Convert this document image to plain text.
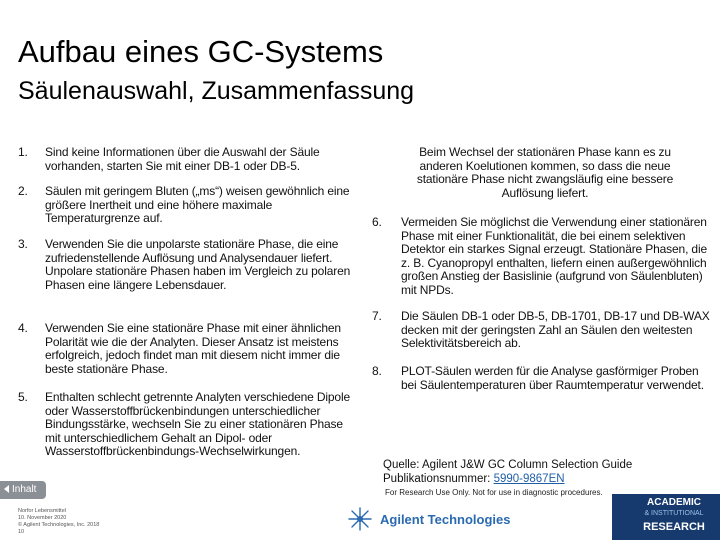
Aufbau eines GC-Systems
Säulenauswahl, Zusammenfassung
1. Sind keine Informationen über die Auswahl der Säule vorhanden, starten Sie mit einer DB-1 oder DB-5.
2. Säulen mit geringem Bluten („ms“) weisen gewöhnlich eine größere Inertheit und eine höhere maximale Temperaturgrenze auf.
3. Verwenden Sie die unpolarste stationäre Phase, die eine zufriedenstellende Auflösung und Analysendauer liefert. Unpolare stationäre Phasen haben im Vergleich zu polaren Phasen eine längere Lebensdauer.
4. Verwenden Sie eine stationäre Phase mit einer ähnlichen Polarität wie die der Analyten. Dieser Ansatz ist meistens erfolgreich, jedoch findet man mit diesem nicht immer die beste stationäre Phase.
5. Enthalten schlecht getrennte Analyten verschiedene Dipole oder Wasserstoffbrückenbindungen unterschiedlicher Bindungsstärke, wechseln Sie zu einer stationären Phase mit unterschiedlichem Gehalt an Dipol- oder Wasserstoffbrückenbindungs-Wechselwirkungen.
Beim Wechsel der stationären Phase kann es zu anderen Koelutionen kommen, so dass die neue stationäre Phase nicht zwangsläufig eine bessere Auflösung liefert.
6. Vermeiden Sie möglichst die Verwendung einer stationären Phase mit einer Funktionalität, die bei einem selektiven Detektor ein starkes Signal erzeugt. Stationäre Phasen, die z. B. Cyanopropyl enthalten, liefern einen außergewöhnlich großen Anstieg der Basislinie (aufgrund von Säulenbluten) mit NPDs.
7. Die Säulen DB-1 oder DB-5, DB-1701, DB-17 und DB-WAX decken mit der geringsten Zahl an Säulen den weitesten Selektivitätsbereich ab.
8. PLOT-Säulen werden für die Analyse gasförmiger Proben bei Säulentemperaturen über Raumtemperatur verwendet.
Quelle: Agilent J&W GC Column Selection Guide
Publikationsnummer: 5990-9867EN
For Research Use Only. Not for use in diagnostic procedures.
Inhalt
Norfor Lebensmittel
10. November 2020
© Agilent Technologies, Inc. 2018
10
Agilent Technologies
ACADEMIC
& INSTITUTIONAL
RESEARCH
